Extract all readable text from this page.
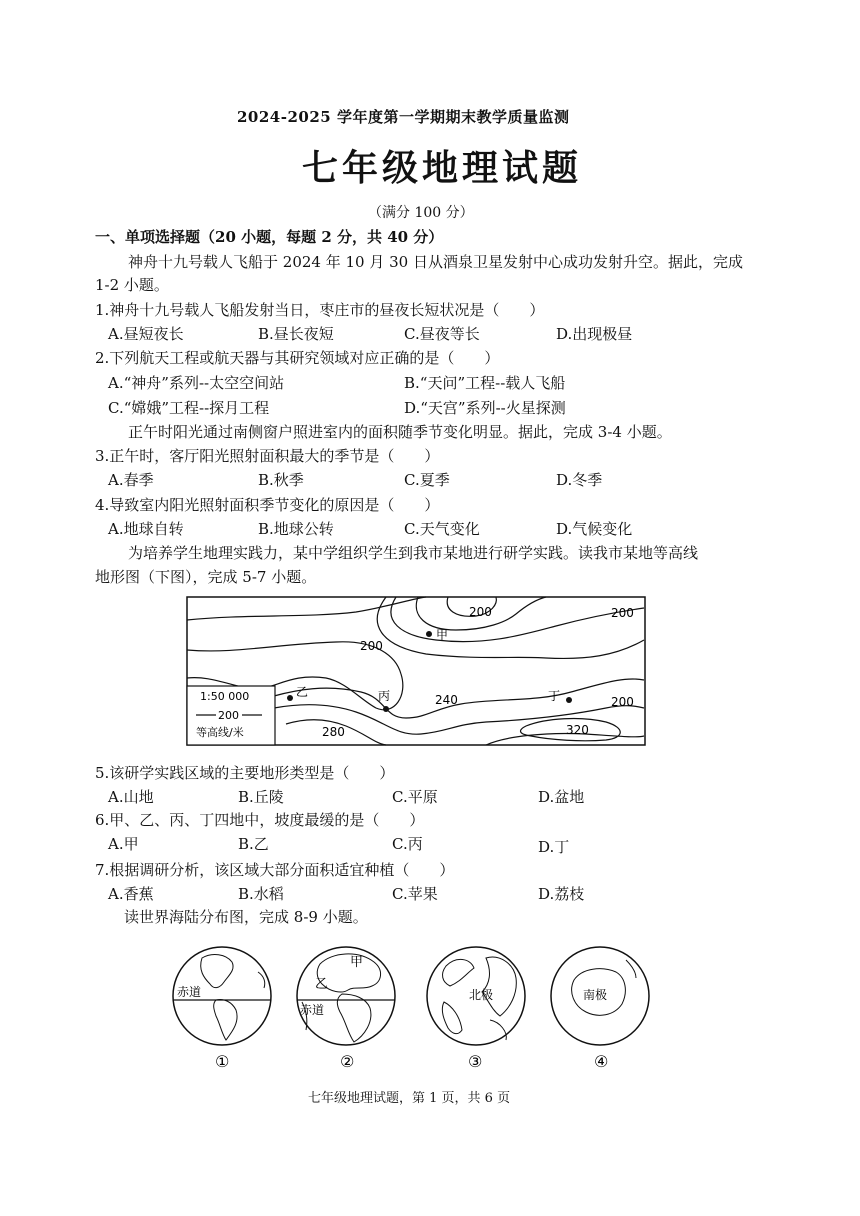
2024-2025 学年度第一学期期末教学质量监测
七年级地理试题
（满分 100 分）
一、单项选择题（20 小题，每题 2 分，共 40 分）
神舟十九号载人飞船于 2024 年 10 月 30 日从酒泉卫星发射中心成功发射升空。据此，完成
1-2 小题。
1.神舟十九号载人飞船发射当日，枣庄市的昼夜长短状况是（　　）
A.昼短夜长	B.昼长夜短	C.昼夜等长	D.出现极昼
2.下列航天工程或航天器与其研究领域对应正确的是（　　）
A.“神舟”系列--太空空间站	B.“天问”工程--载人飞船
C.“嫦娥”工程--探月工程	D.“天宫”系列--火星探测
正午时阳光通过南侧窗户照进室内的面积随季节变化明显。据此，完成 3-4 小题。
3.正午时，客厅阳光照射面积最大的季节是（　　）
A.春季	B.秋季	C.夏季	D.冬季
4.导致室内阳光照射面积季节变化的原因是（　　）
A.地球自转	B.地球公转	C.天气变化	D.气候变化
为培养学生地理实践力，某中学组织学生到我市某地进行研学实践。读我市某地等高线
地形图（下图），完成 5-7 小题。
200	200
200
240	200
280	320
甲
乙	丙	丁
1:50 000
200
等高线/米
5.该研学实践区域的主要地形类型是（　　）
A.山地	B.丘陵	C.平原	D.盆地
6.甲、乙、丙、丁四地中，坡度最缓的是（　　）
A.甲	B.乙	C.丙	D.丁
7.根据调研分析，该区域大部分面积适宜种植（　　）
A.香蕉	B.水稻	C.苹果	D.荔枝
读世界海陆分布图，完成 8-9 小题。
赤道
①
甲
乙
赤道
②
北极
③
南极
④
七年级地理试题，第 1 页，共 6 页
